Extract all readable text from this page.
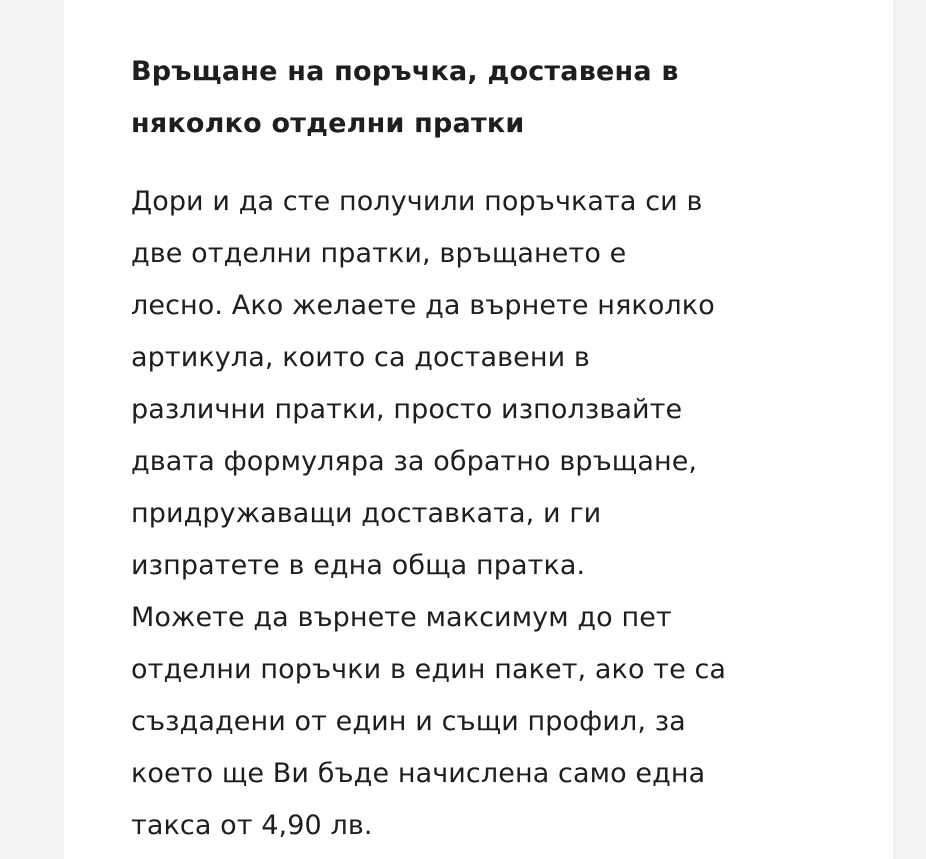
Връщане на поръчка, доставена в
няколко отделни пратки

Дори и да сте получили поръчката си в
две отделни пратки, връщането е
лесно. Ако желаете да върнете няколко
артикула, които са доставени в
различни пратки, просто използвайте
двата формуляра за обратно връщане,
придружаващи доставката, и ги
изпратете в една обща пратка.
Можете да върнете максимум до пет
отделни поръчки в един пакет, ако те са
създадени от един и същи профил, за
което ще Ви бъде начислена само една
такса от 4,90 лв.
